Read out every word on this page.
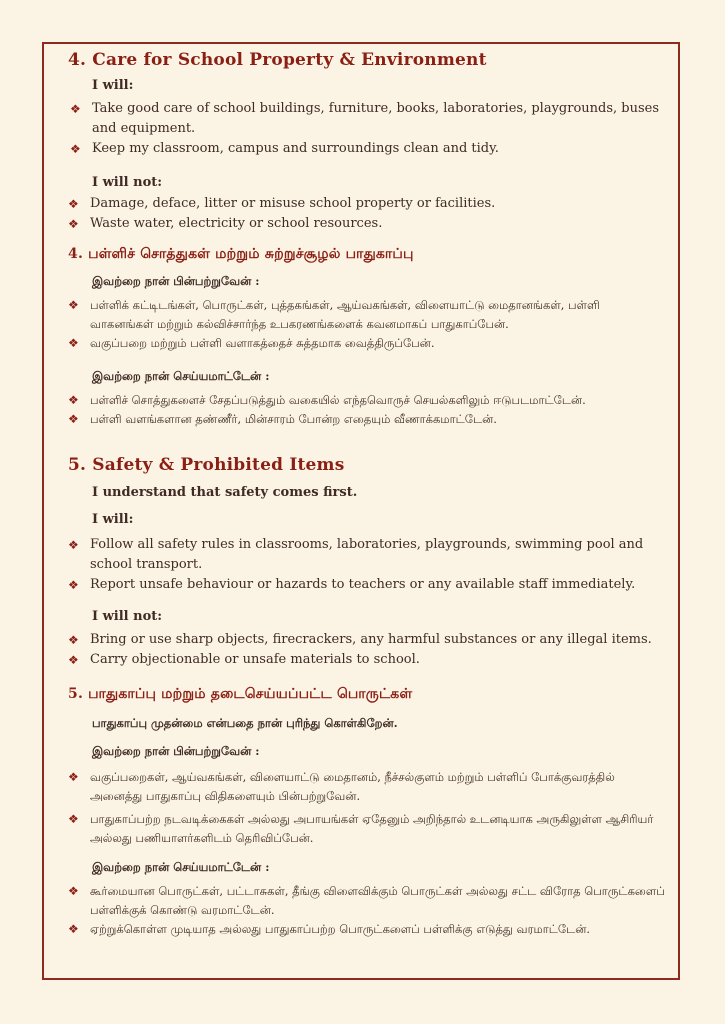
4. Care for School Property & Environment

I will:

❖ Take good care of school buildings, furniture, books, laboratories, playgrounds, buses and equipment.
❖ Keep my classroom, campus and surroundings clean and tidy.

I will not:

❖ Damage, deface, litter or misuse school property or facilities.
❖ Waste water, electricity or school resources.
4. பள்ளிச் சொத்துகள் மற்றும் சுற்றுச்சூழல் பாதுகாப்பு

இவற்றை நான் பின்பற்றுவேன் :

❖ பள்ளிக் கட்டிடங்கள், பொருட்கள், புத்தகங்கள், ஆய்வகங்கள், விளையாட்டு மைதானங்கள், பள்ளி வாகனங்கள் மற்றும் கல்விச்சார்ந்த உபகரணங்களைக் கவனமாகப் பாதுகாப்பேன்.
❖ வகுப்பறை மற்றும் பள்ளி வளாகத்தைச் சுத்தமாக வைத்திருப்பேன்.

இவற்றை நான் செய்யமாட்டேன் :

❖ பள்ளிச் சொத்துகளைச் சேதப்படுத்தும் வகையில் எந்தவொருச் செயல்களிலும் ஈடுபடமாட்டேன்.
❖ பள்ளி வளங்களான தண்ணீர், மின்சாரம் போன்ற எதையும் வீணாக்கமாட்டேன்.
5. Safety & Prohibited Items

I understand that safety comes first.

I will:

❖ Follow all safety rules in classrooms, laboratories, playgrounds, swimming pool and school transport.
❖ Report unsafe behaviour or hazards to teachers or any available staff immediately.

I will not:

❖ Bring or use sharp objects, firecrackers, any harmful substances or any illegal items.
❖ Carry objectionable or unsafe materials to school.
5. பாதுகாப்பு மற்றும் தடைசெய்யப்பட்ட பொருட்கள்

பாதுகாப்பு முதன்மை என்பதை நான் புரிந்து கொள்கிறேன்.

இவற்றை நான் பின்பற்றுவேன் :

❖ வகுப்பறைகள், ஆய்வகங்கள், விளையாட்டு மைதானம், நீச்சல்குளம் மற்றும் பள்ளிப் போக்குவரத்தில் அனைத்து பாதுகாப்பு விதிகளையும் பின்பற்றுவேன்.
❖ பாதுகாப்பற்ற நடவடிக்கைகள் அல்லது அபாயங்கள் ஏதேனும் அறிந்தால் உடனடியாக அருகிலுள்ள ஆசிரியர் அல்லது பணியாளர்களிடம் தெரிவிப்பேன்.

இவற்றை நான் செய்யமாட்டேன் :

❖ கூர்மையான பொருட்கள், பட்டாசுகள், தீங்கு விளைவிக்கும் பொருட்கள் அல்லது சட்ட விரோத பொருட்களைப் பள்ளிக்குக் கொண்டு வரமாட்டேன்.
❖ ஏற்றுக்கொள்ள முடியாத அல்லது பாதுகாப்பற்ற பொருட்களைப் பள்ளிக்கு எடுத்து வரமாட்டேன்.
